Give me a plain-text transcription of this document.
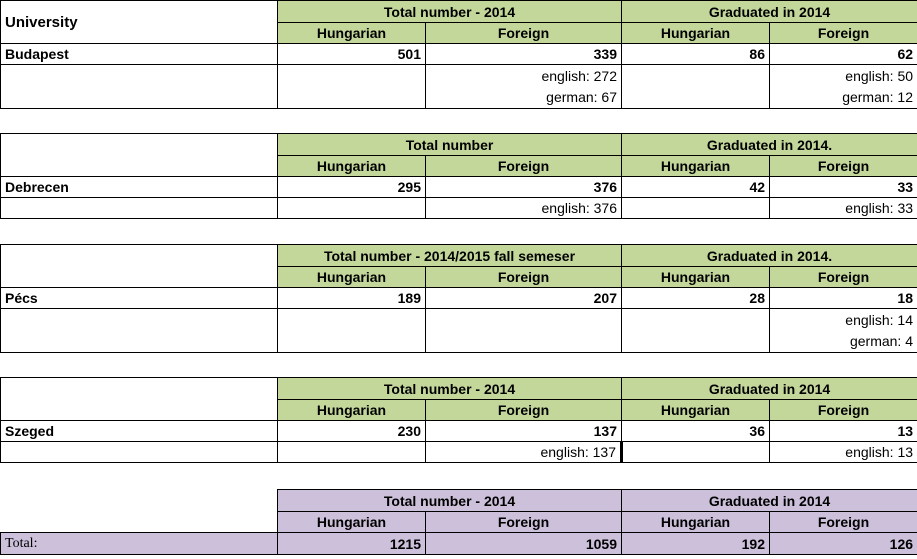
University	Total number - 2014		Graduated in 2014	
	Hungarian	Foreign	Hungarian	Foreign
Budapest	501	339	86	62
		english: 272		english: 50
		german: 67		german: 12
	Total number		Graduated in 2014.	
	Hungarian	Foreign	Hungarian	Foreign
Debrecen	295	376	42	33
		english: 376		english: 33
	Total number - 2014/2015 fall semeser		Graduated in 2014.	
	Hungarian	Foreign	Hungarian	Foreign
Pécs	189	207	28	18
				english: 14
				german: 4
	Total number - 2014		Graduated in 2014	
	Hungarian	Foreign	Hungarian	Foreign
Szeged	230	137	36	13
		english: 137		english: 13
	Total number - 2014		Graduated in 2014	
	Hungarian	Foreign	Hungarian	Foreign
Total:	1215	1059	192	126
